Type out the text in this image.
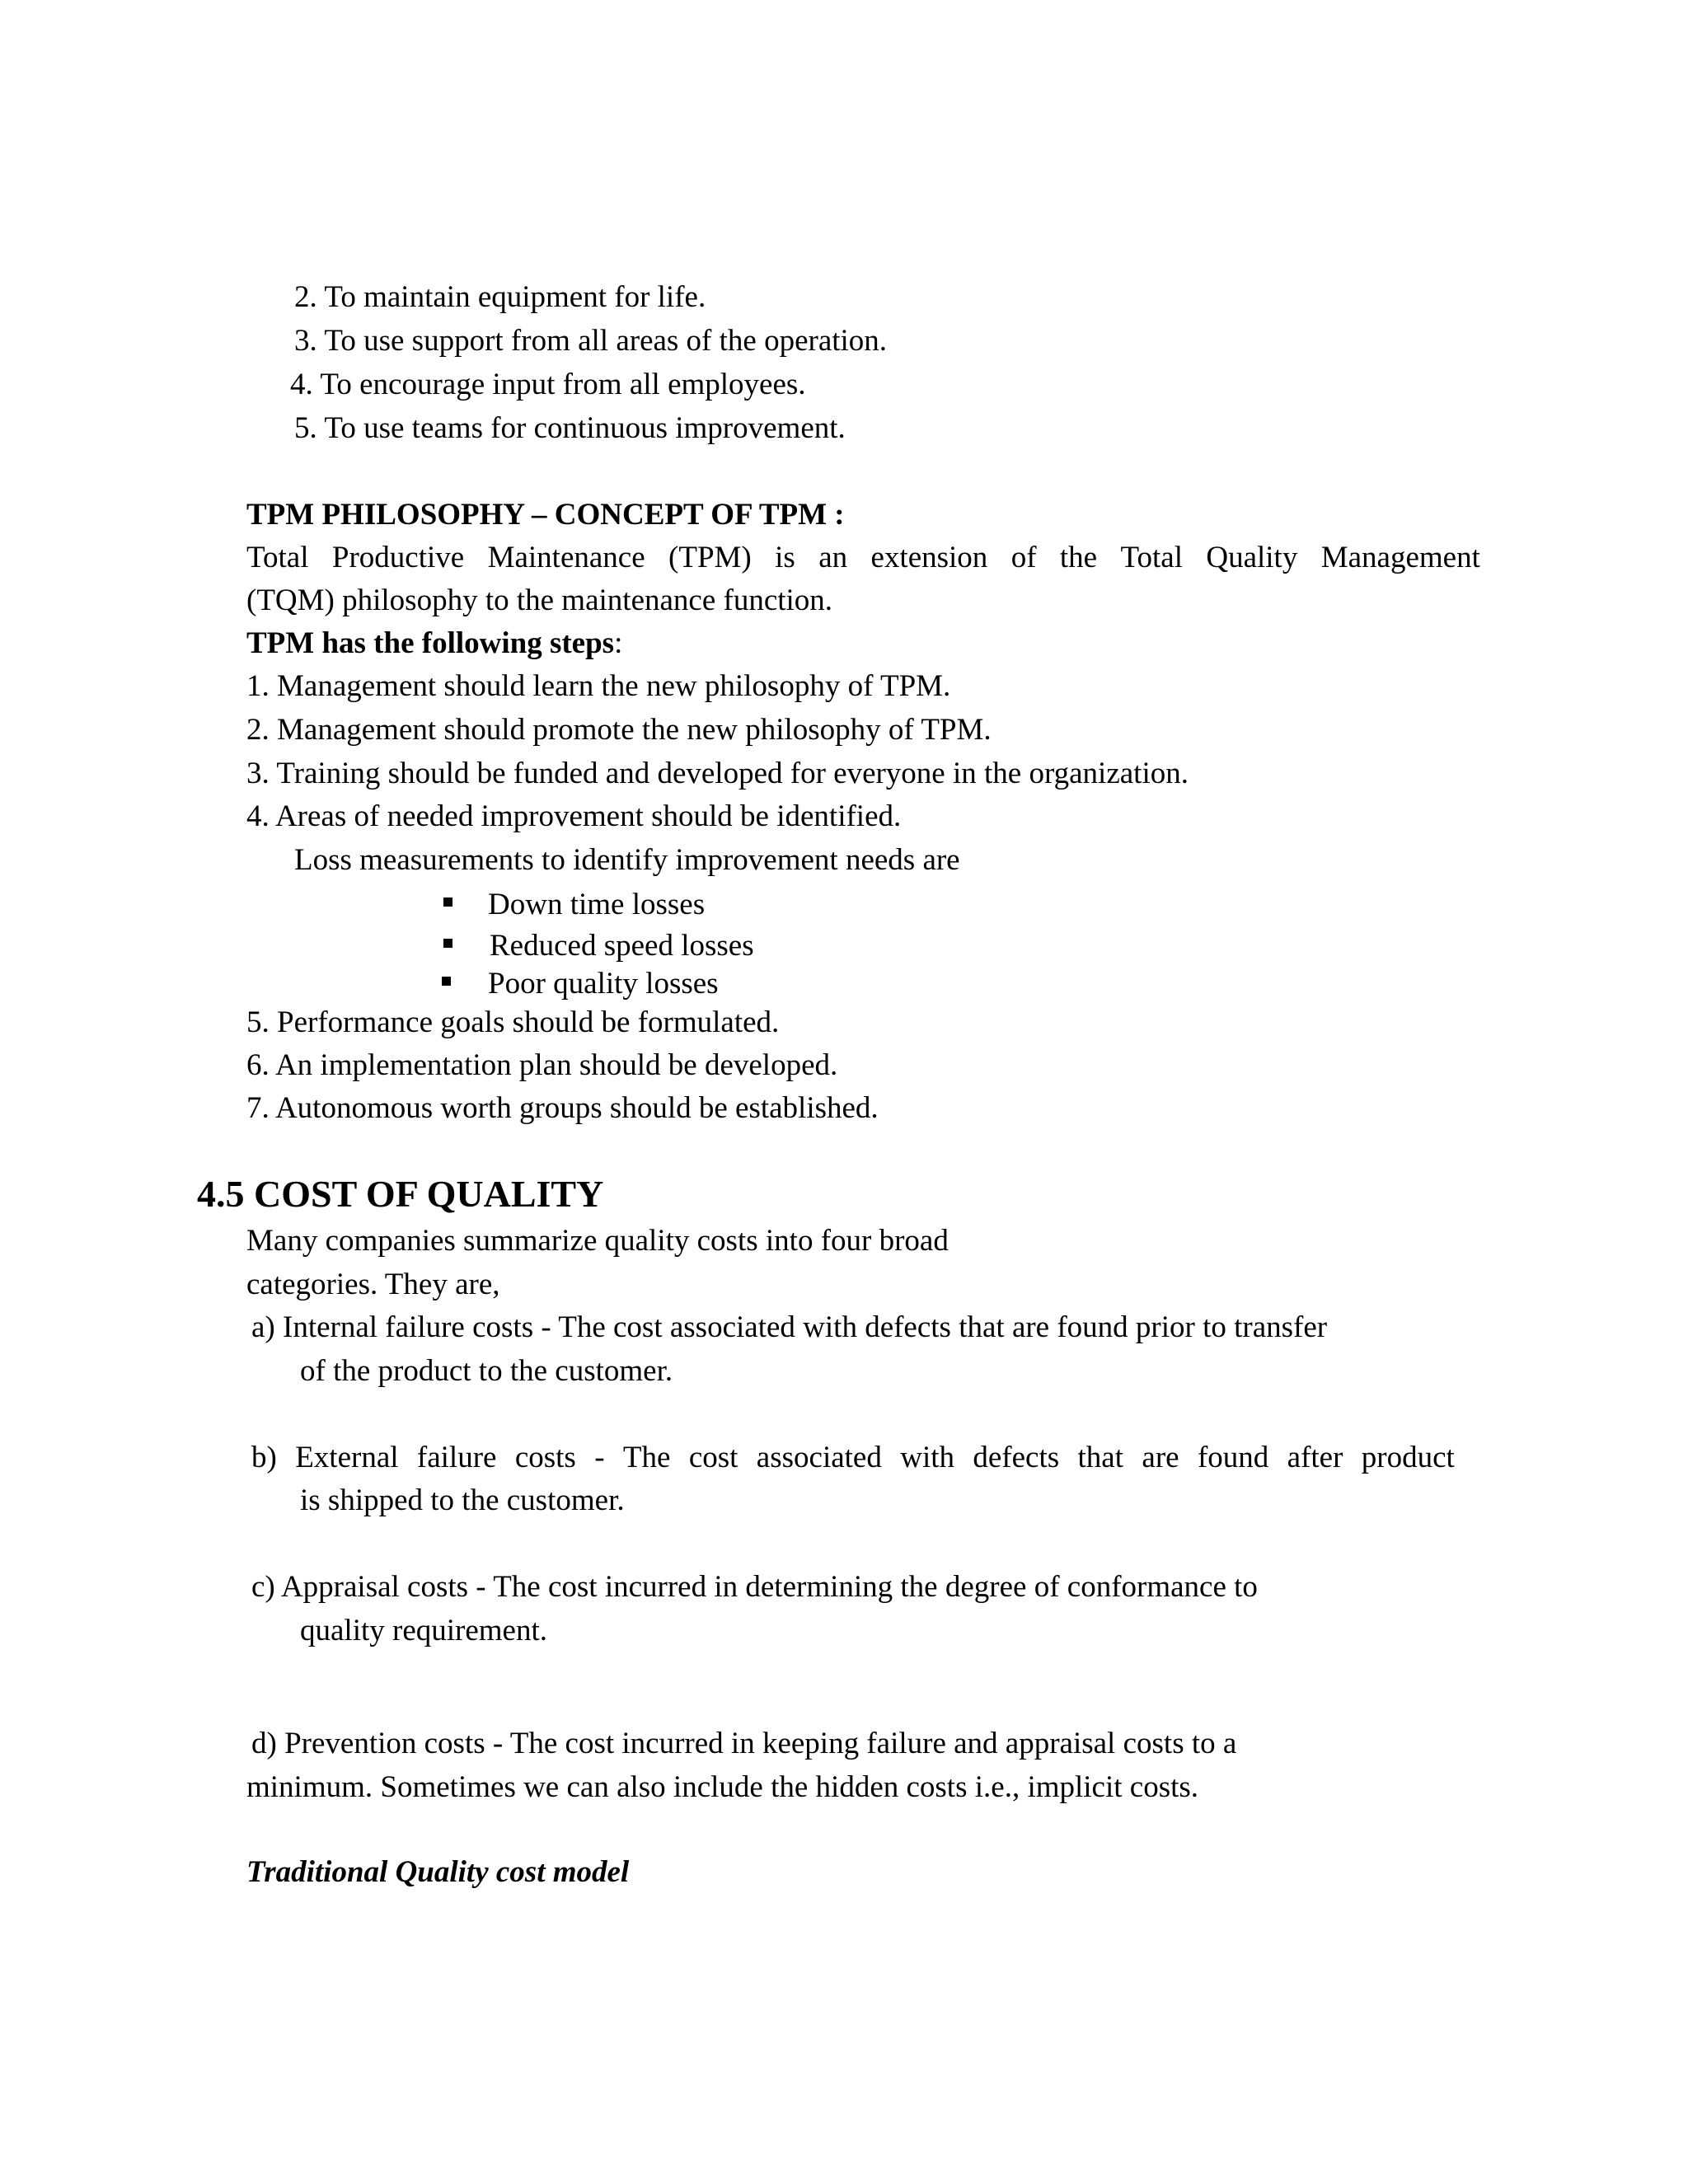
2. To maintain equipment for life.
3. To use support from all areas of the operation.
4. To encourage input from all employees.
5. To use teams for continuous improvement.
TPM PHILOSOPHY – CONCEPT OF TPM :
Total Productive Maintenance (TPM) is an extension of the Total Quality Management
(TQM) philosophy to the maintenance function.
TPM has the following steps:
1. Management should learn the new philosophy of TPM.
2. Management should promote the new philosophy of TPM.
3. Training should be funded and developed for everyone in the organization.
4. Areas of needed improvement should be identified.
Loss measurements to identify improvement needs are
Down time losses
Reduced speed losses
Poor quality losses
5. Performance goals should be formulated.
6. An implementation plan should be developed.
7. Autonomous worth groups should be established.
4.5 COST OF QUALITY
Many companies summarize quality costs into four broad
categories. They are,
a) Internal failure costs - The cost associated with defects that are found prior to transfer
of the product to the customer.
b) External failure costs - The cost associated with defects that are found after product
is shipped to the customer.
c) Appraisal costs - The cost incurred in determining the degree of conformance to
quality requirement.
d) Prevention costs - The cost incurred in keeping failure and appraisal costs to a
minimum. Sometimes we can also include the hidden costs i.e., implicit costs.
Traditional Quality cost model
